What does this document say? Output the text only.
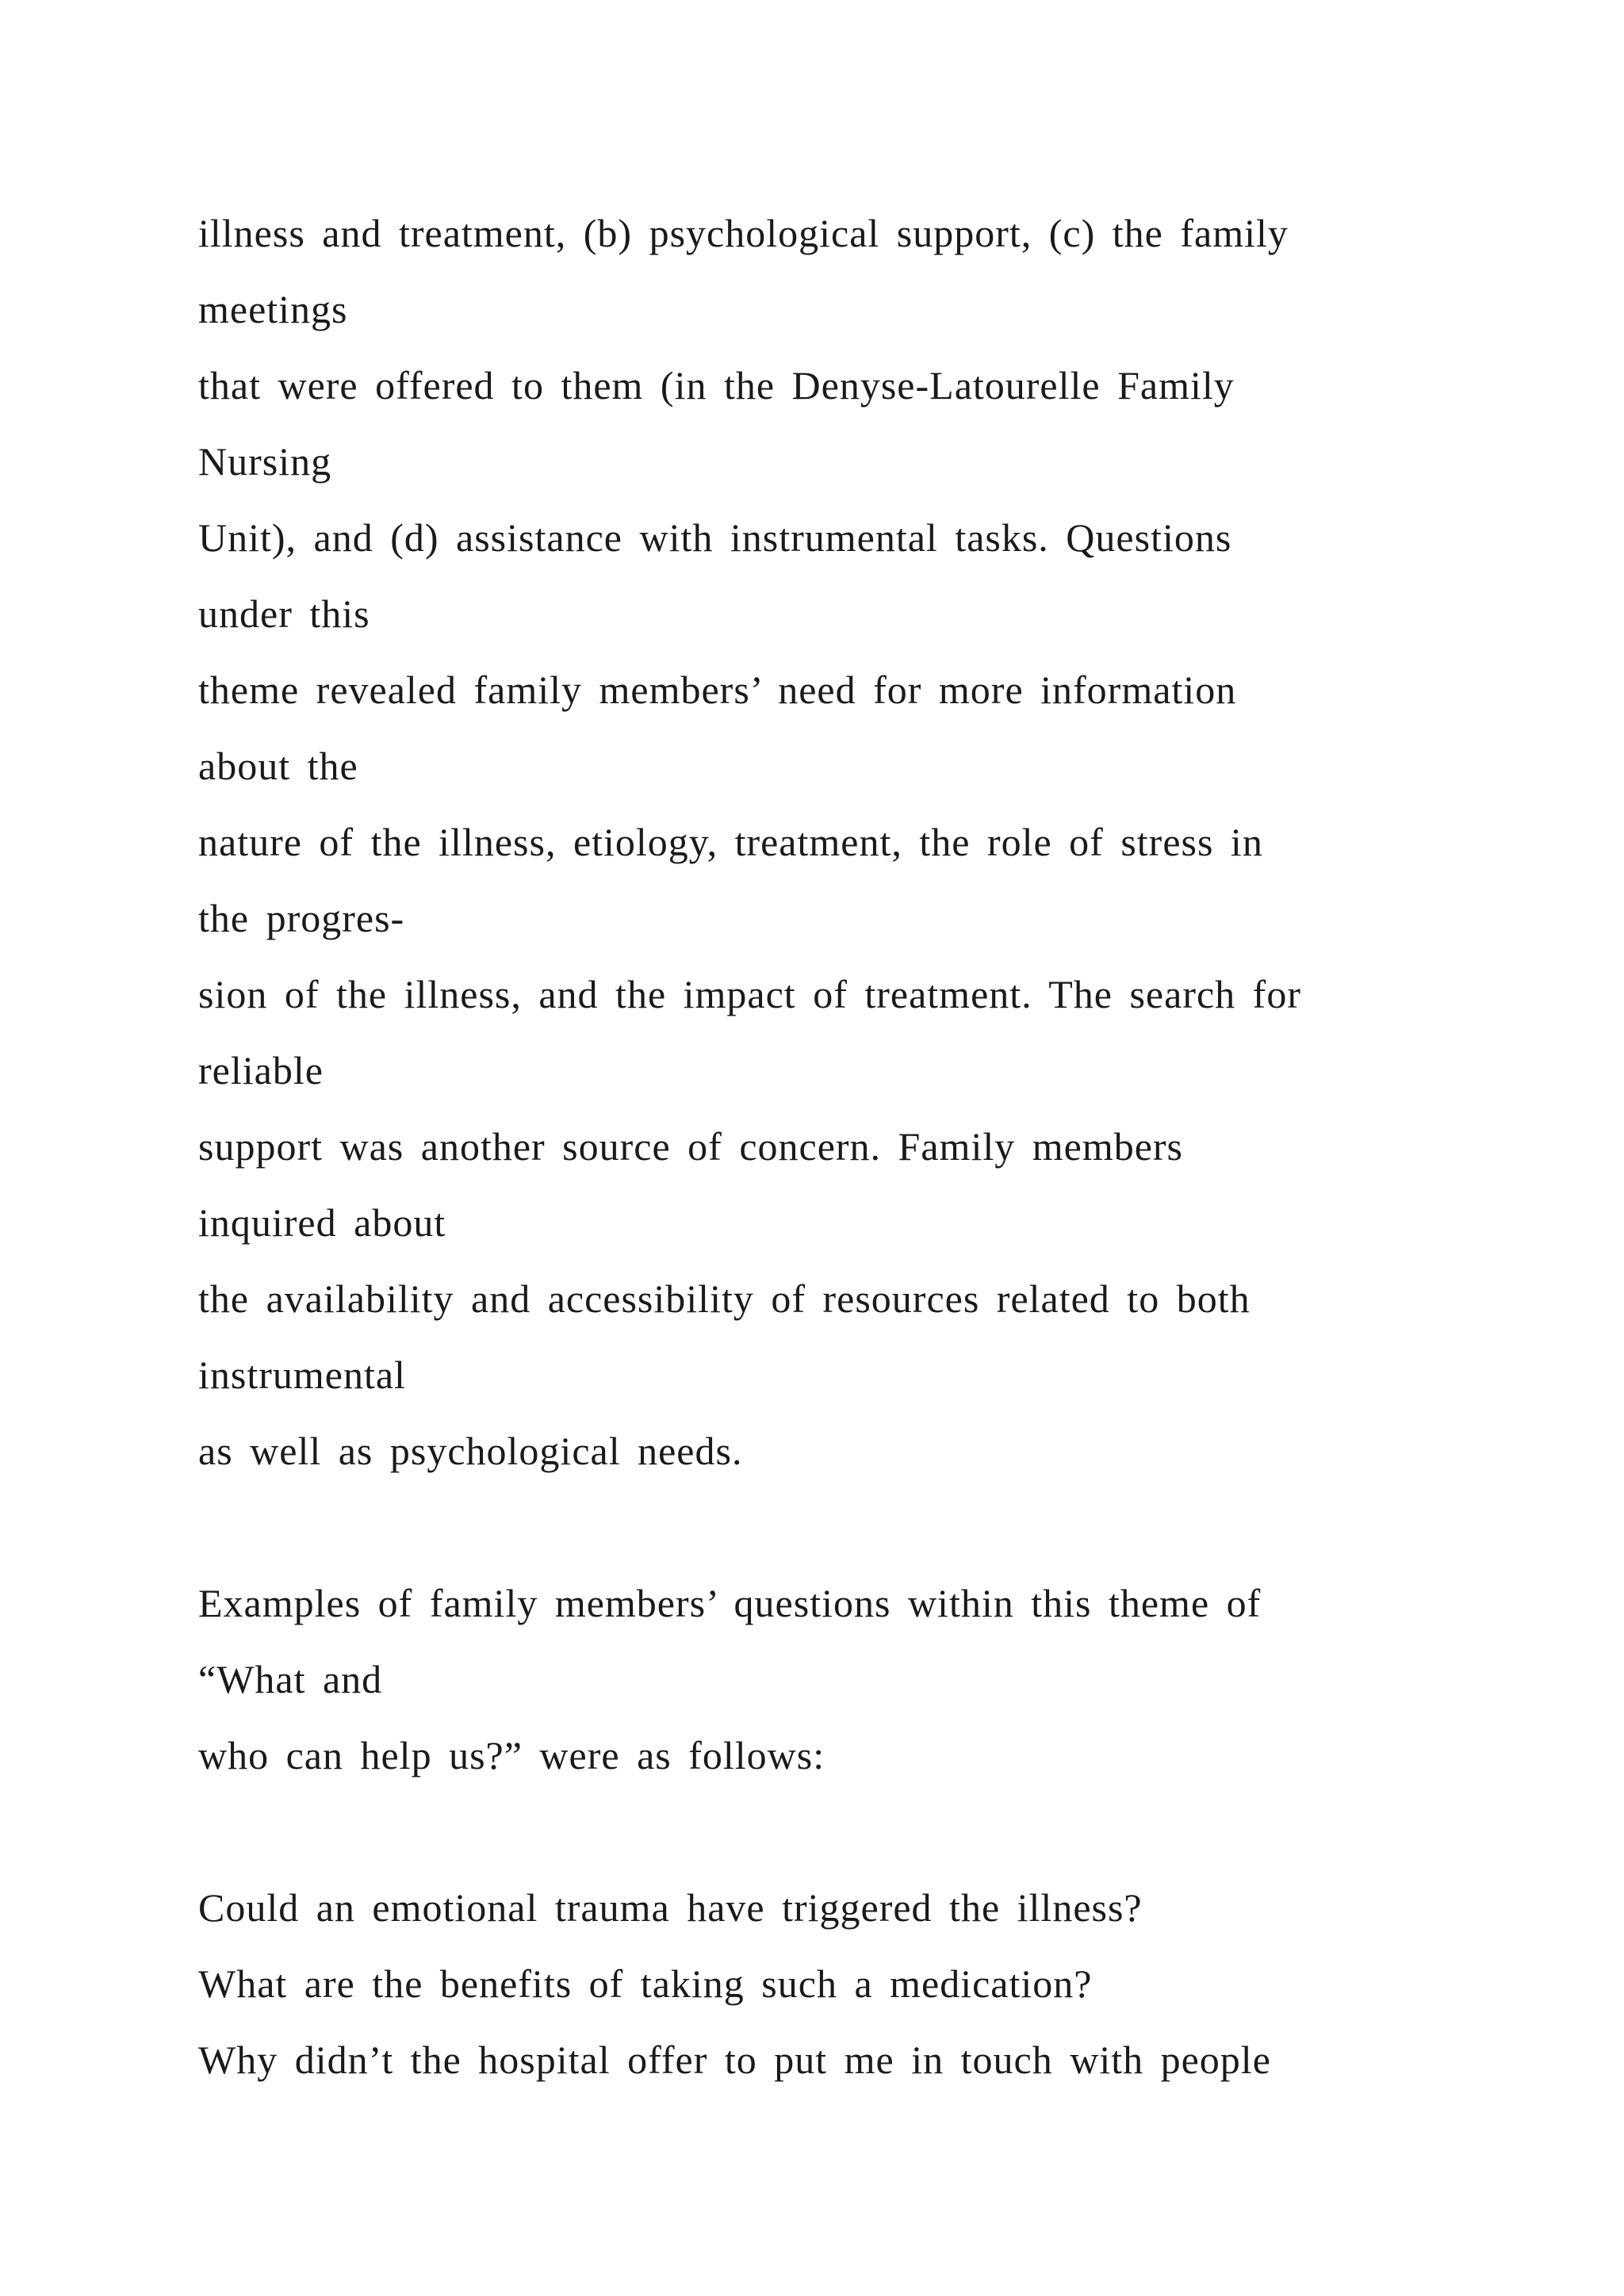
illness and treatment, (b) psychological support, (c) the family
meetings
that were offered to them (in the Denyse-Latourelle Family
Nursing
Unit), and (d) assistance with instrumental tasks. Questions
under this
theme revealed family members’ need for more information
about the
nature of the illness, etiology, treatment, the role of stress in
the progres-
sion of the illness, and the impact of treatment. The search for
reliable
support was another source of concern. Family members
inquired about
the availability and accessibility of resources related to both
instrumental
as well as psychological needs.
Examples of family members’ questions within this theme of
“What and
who can help us?” were as follows:
Could an emotional trauma have triggered the illness?
What are the benefits of taking such a medication?
Why didn’t the hospital offer to put me in touch with people
